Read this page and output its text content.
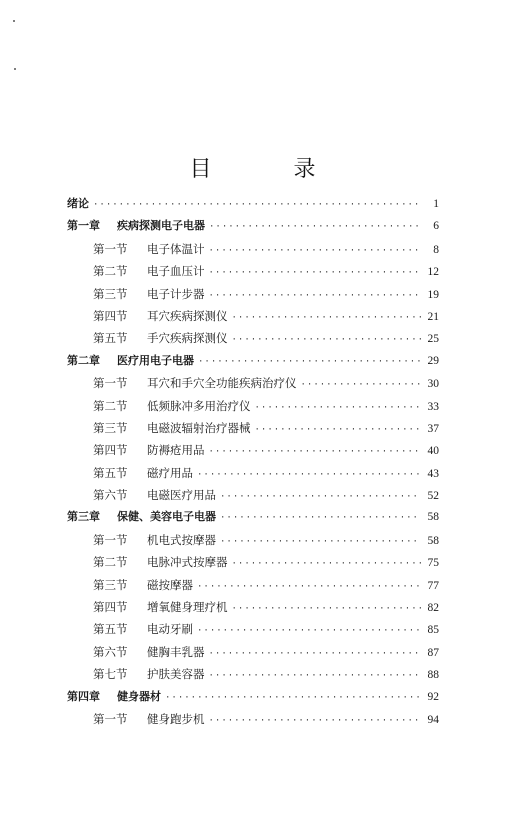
目　录
绪论 ·····	1
第一章	疾病探测电子电器 ·····	6
第一节	电子体温计 ·····	8
第二节	电子血压计 ·····	12
第三节	电子计步器 ·····	19
第四节	耳穴疾病探测仪 ·····	21
第五节	手穴疾病探测仪 ·····	25
第二章	医疗用电子电器 ·····	29
第一节	耳穴和手穴全功能疾病治疗仪 ·····	30
第二节	低频脉冲多用治疗仪 ·····	33
第三节	电磁波辐射治疗器械 ·····	37
第四节	防褥疮用品 ·····	40
第五节	磁疗用品 ·····	43
第六节	电磁医疗用品 ·····	52
第三章	保健、美容电子电器 ·····	58
第一节	机电式按摩器 ·····	58
第二节	电脉冲式按摩器 ·····	75
第三节	磁按摩器 ·····	77
第四节	增氧健身理疗机 ·····	82
第五节	电动牙刷 ·····	85
第六节	健胸丰乳器 ·····	87
第七节	护肤美容器 ·····	88
第四章	健身器材 ·····	92
第一节	健身跑步机 ·····	94
